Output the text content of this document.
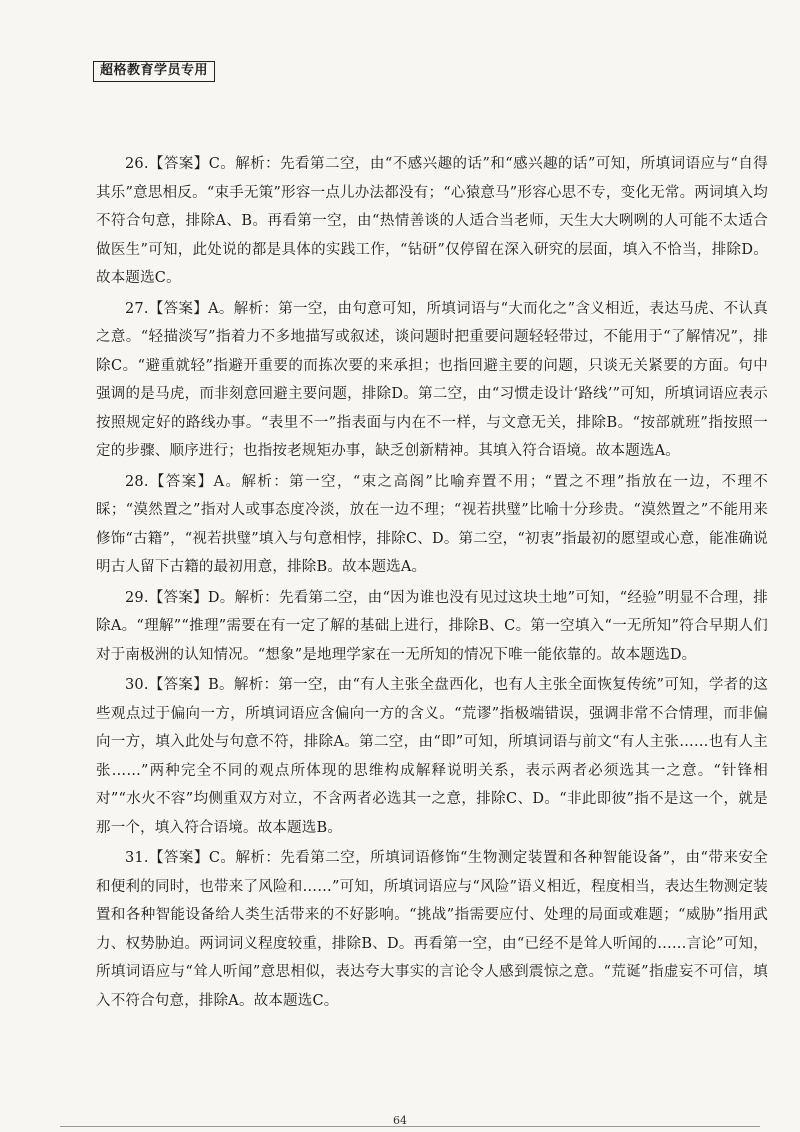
超格教育学员专用

26.【答案】C。解析：先看第二空，由“不感兴趣的话”和“感兴趣的话”可知，所填词语应与“自得其乐”意思相反。“束手无策”形容一点儿办法都没有；“心猿意马”形容心思不专，变化无常。两词填入均不符合句意，排除A、B。再看第一空，由“热情善谈的人适合当老师，天生大大咧咧的人可能不太适合做医生”可知，此处说的都是具体的实践工作，“钻研”仅停留在深入研究的层面，填入不恰当，排除D。故本题选C。

27.【答案】A。解析：第一空，由句意可知，所填词语与“大而化之”含义相近，表达马虎、不认真之意。“轻描淡写”指着力不多地描写或叙述，谈问题时把重要问题轻轻带过，不能用于“了解情况”，排除C。“避重就轻”指避开重要的而拣次要的来承担；也指回避主要的问题，只谈无关紧要的方面。句中强调的是马虎，而非刻意回避主要问题，排除D。第二空，由“习惯走设计‘路线’”可知，所填词语应表示按照规定好的路线办事。“表里不一”指表面与内在不一样，与文意无关，排除B。“按部就班”指按照一定的步骤、顺序进行；也指按老规矩办事，缺乏创新精神。其填入符合语境。故本题选A。

28.【答案】A。解析：第一空，“束之高阁”比喻弃置不用；“置之不理”指放在一边，不理不睬；“漠然置之”指对人或事态度冷淡，放在一边不理；“视若拱璧”比喻十分珍贵。“漠然置之”不能用来修饰“古籍”，“视若拱璧”填入与句意相悖，排除C、D。第二空，“初衷”指最初的愿望或心意，能准确说明古人留下古籍的最初用意，排除B。故本题选A。

29.【答案】D。解析：先看第二空，由“因为谁也没有见过这块土地”可知，“经验”明显不合理，排除A。“理解”“推理”需要在有一定了解的基础上进行，排除B、C。第一空填入“一无所知”符合早期人们对于南极洲的认知情况。“想象”是地理学家在一无所知的情况下唯一能依靠的。故本题选D。

30.【答案】B。解析：第一空，由“有人主张全盘西化，也有人主张全面恢复传统”可知，学者的这些观点过于偏向一方，所填词语应含偏向一方的含义。“荒谬”指极端错误，强调非常不合情理，而非偏向一方，填入此处与句意不符，排除A。第二空，由“即”可知，所填词语与前文“有人主张……也有人主张……”两种完全不同的观点所体现的思维构成解释说明关系，表示两者必须选其一之意。“针锋相对”“水火不容”均侧重双方对立，不含两者必选其一之意，排除C、D。“非此即彼”指不是这一个，就是那一个，填入符合语境。故本题选B。

31.【答案】C。解析：先看第二空，所填词语修饰“生物测定装置和各种智能设备”，由“带来安全和便利的同时，也带来了风险和……”可知，所填词语应与“风险”语义相近，程度相当，表达生物测定装置和各种智能设备给人类生活带来的不好影响。“挑战”指需要应付、处理的局面或难题；“威胁”指用武力、权势胁迫。两词词义程度较重，排除B、D。再看第一空，由“已经不是耸人听闻的……言论”可知，所填词语应与“耸人听闻”意思相似，表达夸大事实的言论令人感到震惊之意。“荒诞”指虚妄不可信，填入不符合句意，排除A。故本题选C。

64
